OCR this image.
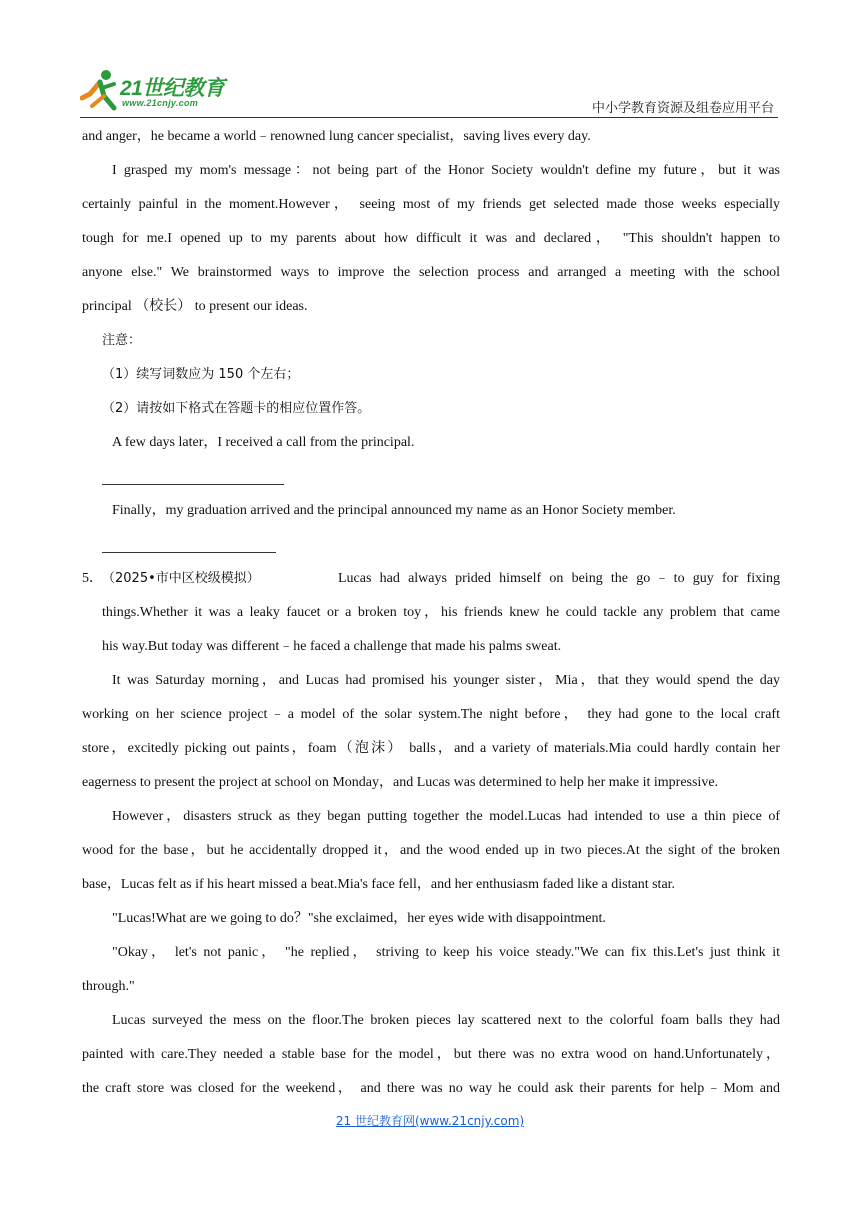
21世纪教育
www.21cnjy.com	中小学教育资源及组卷应用平台
and anger，he became a world﹣renowned lung cancer specialist，saving lives every day.
I grasped my mom's message：not being part of the Honor Society wouldn't define my future，but it was
certainly painful in the moment.However， seeing most of my friends get selected made those weeks especially
tough for me.I opened up to my parents about how difficult it was and declared， "This shouldn't happen to
anyone else." We brainstormed ways to improve the selection process and arranged a meeting with the school
principal （校长） to present our ideas.
注意：
（1）续写词数应为 150 个左右；
（2）请按如下格式在答题卡的相应位置作答。
A few days later，I received a call from the principal.
Finally，my graduation arrived and the principal announced my name as an Honor Society member.
5． （2025•市中区校级模拟）	Lucas had always prided himself on being the go﹣to guy for fixing
things.Whether it was a leaky faucet or a broken toy，his friends knew he could tackle any problem that came
his way.But today was different﹣he faced a challenge that made his palms sweat.
It was Saturday morning，and Lucas had promised his younger sister，Mia，that they would spend the day
working on her science project﹣a model of the solar system.The night before， they had gone to the local craft
store，excitedly picking out paints，foam（泡沫） balls，and a variety of materials.Mia could hardly contain her
eagerness to present the project at school on Monday，and Lucas was determined to help her make it impressive.
However，disasters struck as they began putting together the model.Lucas had intended to use a thin piece of
wood for the base，but he accidentally dropped it，and the wood ended up in two pieces.At the sight of the broken
base，Lucas felt as if his heart missed a beat.Mia's face fell，and her enthusiasm faded like a distant star.
"Lucas!What are we going to do？"she exclaimed，her eyes wide with disappointment.
"Okay， let's not panic， "he replied， striving to keep his voice steady."We can fix this.Let's just think it
through."
Lucas surveyed the mess on the floor.The broken pieces lay scattered next to the colorful foam balls they had
painted with care.They needed a stable base for the model，but there was no extra wood on hand.Unfortunately，
the craft store was closed for the weekend， and there was no way he could ask their parents for help﹣Mom and
21 世纪教育网(www.21cnjy.com)
